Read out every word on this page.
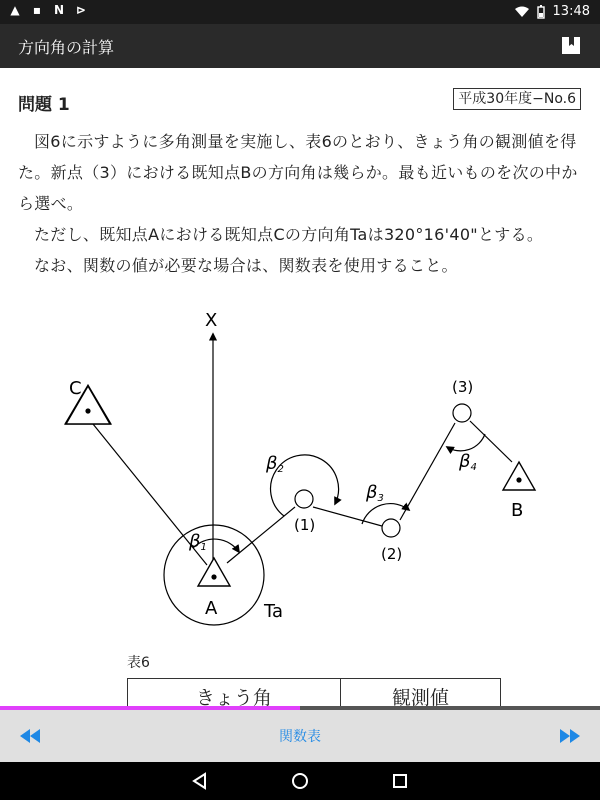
▲ ▪ N ⊳	13:48
方向角の計算
問題 1	平成30年度−No.6

図6に示すように多角測量を実施し、表6のとおり、きょう角の観測値を得た。新点（3）における既知点Bの方向角は幾らか。最も近いものを次の中から選べ。

ただし、既知点Aにおける既知点Cの方向角Taは320°16'40"とする。

なお、関数の値が必要な場合は、関数表を使用すること。

X
C
A
B
(1)
(2)
(3)
Ta
β1
β2
β3
β4
表6
きょう角	観測値
関数表
